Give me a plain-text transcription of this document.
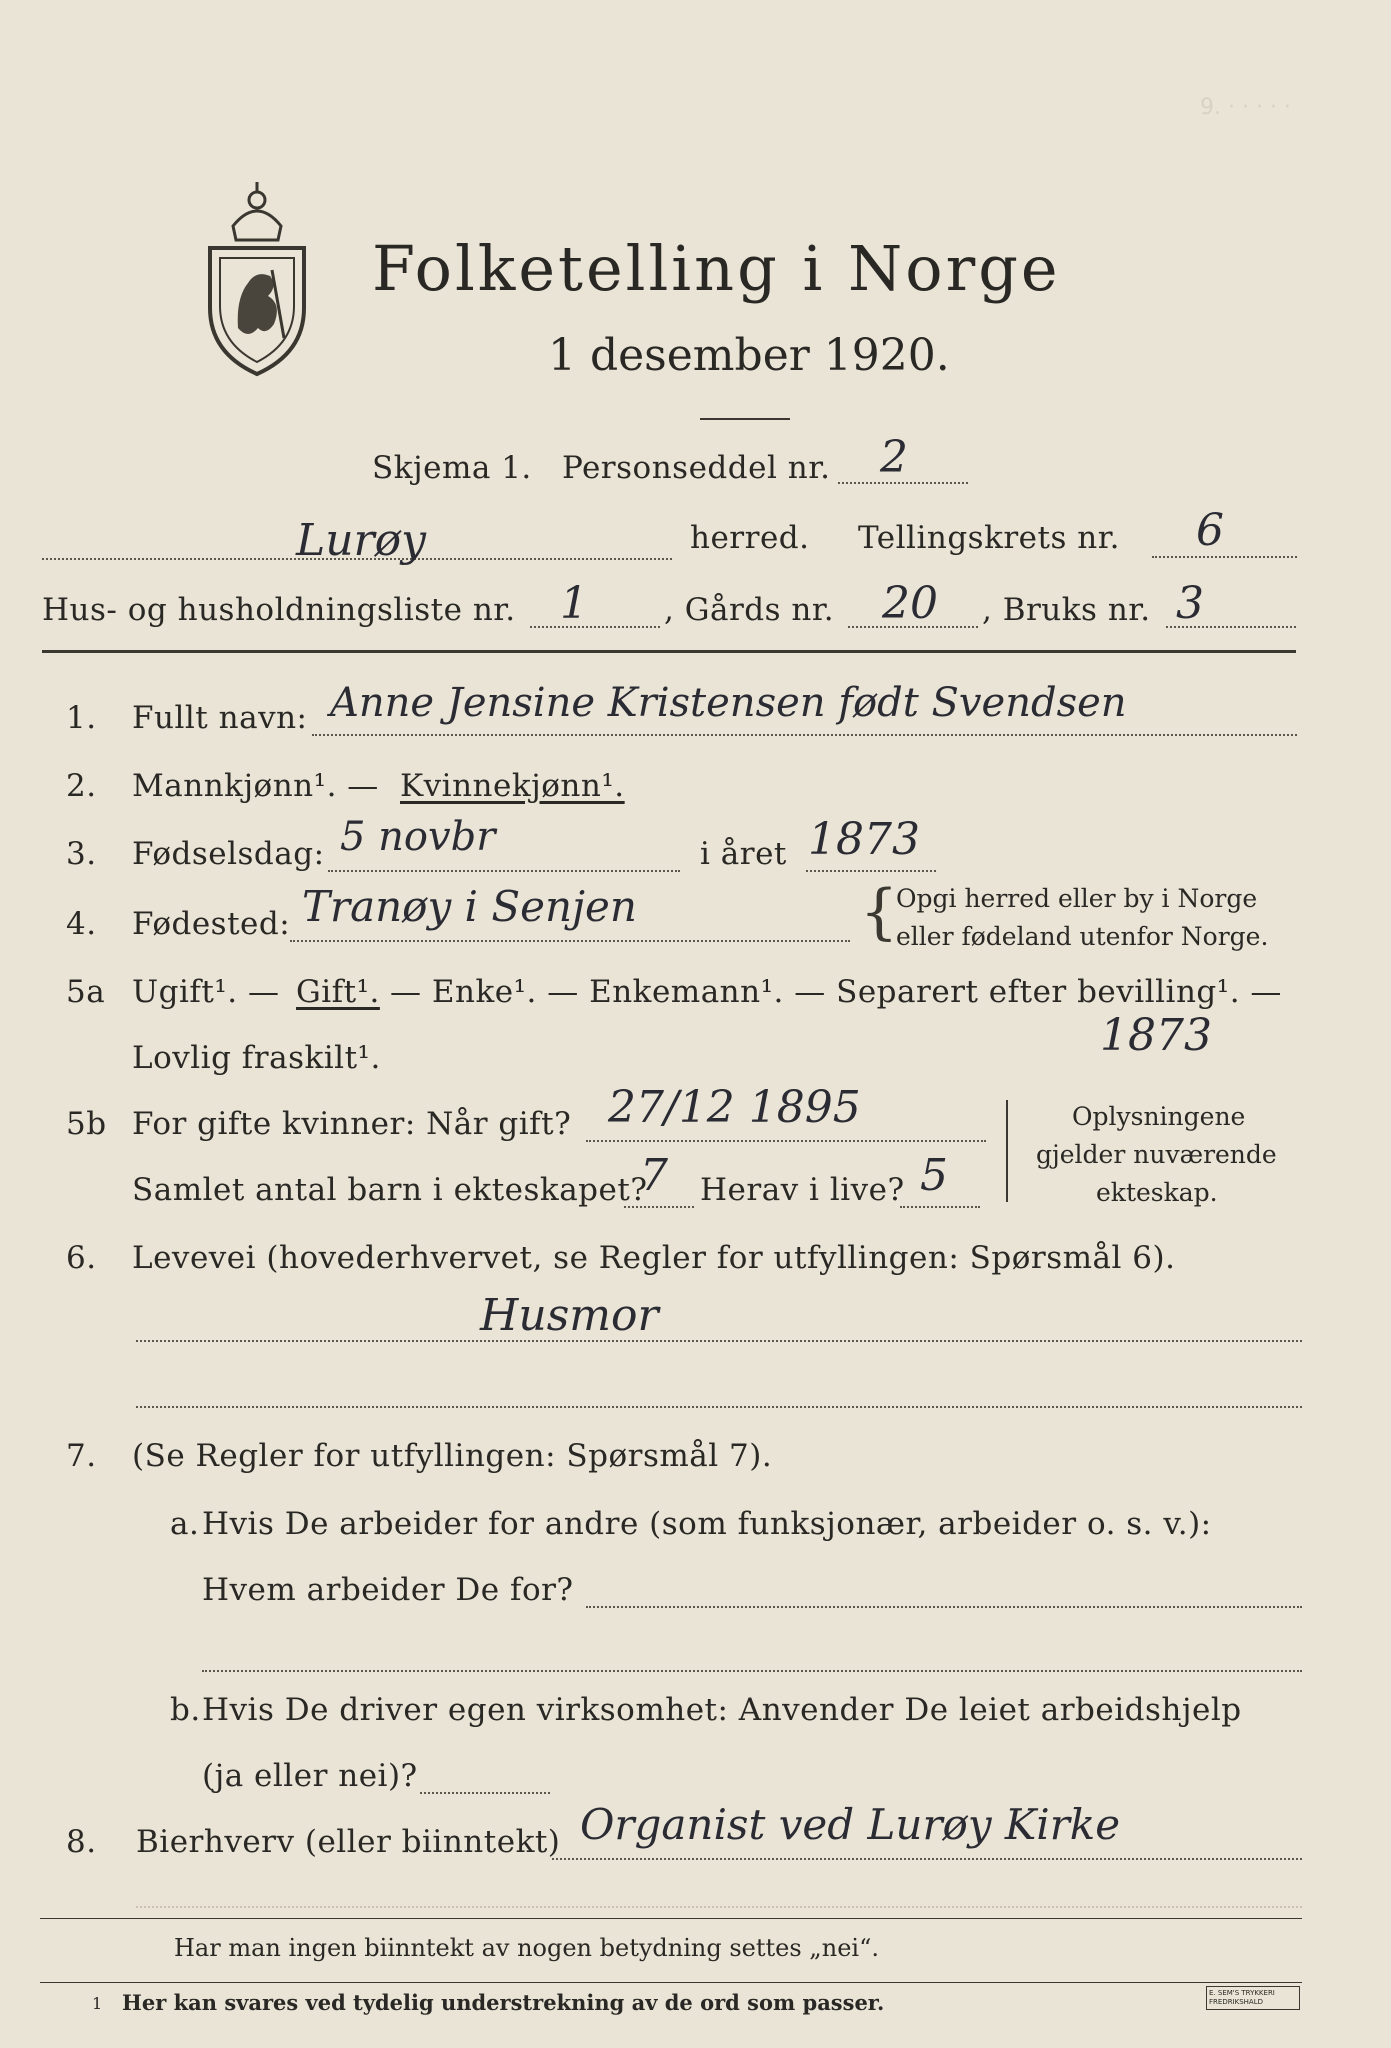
9. · · · · ·
Folketelling i Norge
1 desember 1920.
Skjema 1. Personseddel nr. 2
Lurøy	herred. Tellingskrets nr. 6
Hus- og husholdningsliste nr. 1 , Gårds nr. 20 , Bruks nr. 3
1. Fullt navn: Anne Jensine Kristensen født Svendsen
2. Mannkjønn¹. — Kvinnekjønn¹.
3. Fødselsdag: 5 novbr	i året 1873
4. Fødested: Tranøy i Senjen	{
Opgi herred eller by i Norge
eller fødeland utenfor Norge.
5a Ugift¹. — Gift¹. — Enke¹. — Enkemann¹. — Separert efter bevilling¹. —
Lovlig fraskilt¹.	1873
5b For gifte kvinner: Når gift? 27/12 1895
Samlet antal barn i ekteskapet?
7 Herav i live? 5
Oplysningene
gjelder nuværende
ekteskap.
6. Levevei (hovederhvervet, se Regler for utfyllingen: Spørsmål 6).
Husmor
7. (Se Regler for utfyllingen: Spørsmål 7).
a. Hvis De arbeider for andre (som funksjonær, arbeider o. s. v.):
Hvem arbeider De for?
b. Hvis De driver egen virksomhet: Anvender De leiet arbeidshjelp
(ja eller nei)?
8. Bierhverv (eller biinntekt) Organist ved Lurøy Kirke
Har man ingen biinntekt av nogen betydning settes „nei“.
1 Her kan svares ved tydelig understrekning av de ord som passer.	E. SEM'S TRYKKERI FREDRIKSHALD
